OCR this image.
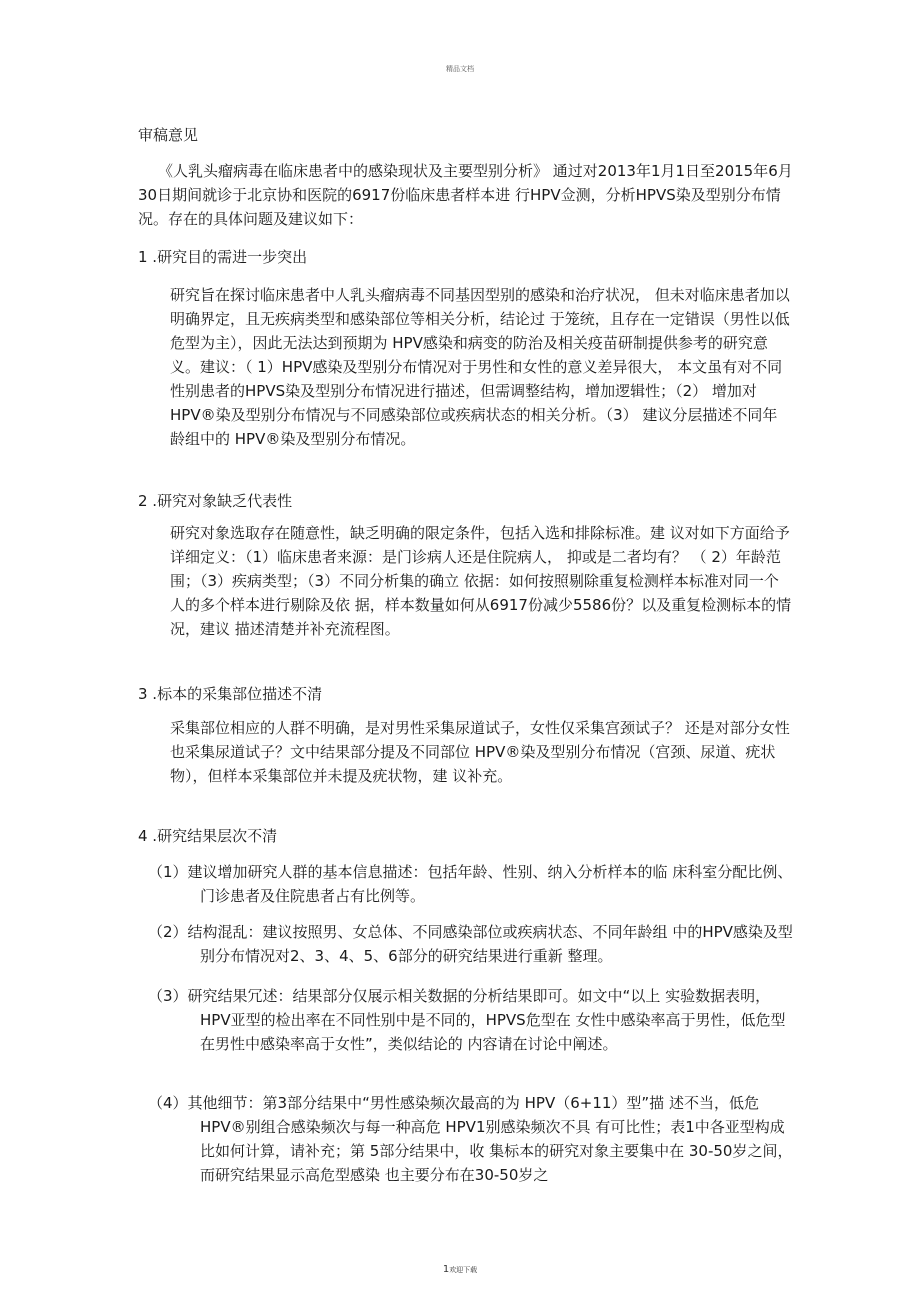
精品文档
审稿意见

《人乳头瘤病毒在临床患者中的感染现状及主要型别分析》 通过对2013年1月1日至2015年6月30日期间就诊于北京协和医院的6917份临床患者样本进 行HPV佥测，分析HPVS染及型别分布情况。存在的具体问题及建议如下：

1 .研究目的需进一步突出

研究旨在探讨临床患者中人乳头瘤病毒不同基因型别的感染和治疗状况， 但未对临床患者加以明确界定，且无疾病类型和感染部位等相关分析，结论过 于笼统，且存在一定错误（男性以低危型为主），因此无法达到预期为 HPV感染和病变的防治及相关疫苗研制提供参考的研究意义。建议：（ 1）HPV感染及型别分布情况对于男性和女性的意义差异很大， 本文虽有对不同性别患者的HPVS染及型别分布情况进行描述，但需调整结构，增加逻辑性；（2） 增加对HPV®染及型别分布情况与不同感染部位或疾病状态的相关分析。（3） 建议分层描述不同年龄组中的 HPV®染及型别分布情况。

2 .研究对象缺乏代表性

研究对象选取存在随意性，缺乏明确的限定条件，包括入选和排除标准。建 议对如下方面给予详细定义：（1）临床患者来源：是门诊病人还是住院病人， 抑或是二者均有？ （ 2）年龄范围；（3）疾病类型；（3）不同分析集的确立 依据：如何按照剔除重复检测样本标准对同一个人的多个样本进行剔除及依 据，样本数量如何从6917份减少5586份？以及重复检测标本的情况，建议 描述清楚并补充流程图。

3 .标本的采集部位描述不清

采集部位相应的人群不明确，是对男性采集尿道试子，女性仅采集宫颈试子？ 还是对部分女性也采集尿道试子？文中结果部分提及不同部位 HPV®染及型别分布情况（宫颈、尿道、疣状物），但样本采集部位并未提及疣状物，建 议补充。

4 .研究结果层次不清

（1）建议增加研究人群的基本信息描述：包括年龄、性别、纳入分析样本的临 床科室分配比例、门诊患者及住院患者占有比例等。

（2）结构混乱：建议按照男、女总体、不同感染部位或疾病状态、不同年龄组 中的HPV感染及型别分布情况对2、3、4、5、6部分的研究结果进行重新 整理。

（3）研究结果冗述：结果部分仅展示相关数据的分析结果即可。如文中“以上 实验数据表明，HPV亚型的检出率在不同性别中是不同的，HPVS危型在 女性中感染率高于男性，低危型在男性中感染率高于女性”，类似结论的 内容请在讨论中阐述。

（4）其他细节：第3部分结果中“男性感染频次最高的为 HPV（6+11）型”描 述不当，低危HPV®别组合感染频次与每一种高危 HPV1别感染频次不具 有可比性；表1中各亚型构成比如何计算，请补充；第 5部分结果中，收 集标本的研究对象主要集中在 30-50岁之间，而研究结果显示高危型感染 也主要分布在30-50岁之

1欢迎下载
